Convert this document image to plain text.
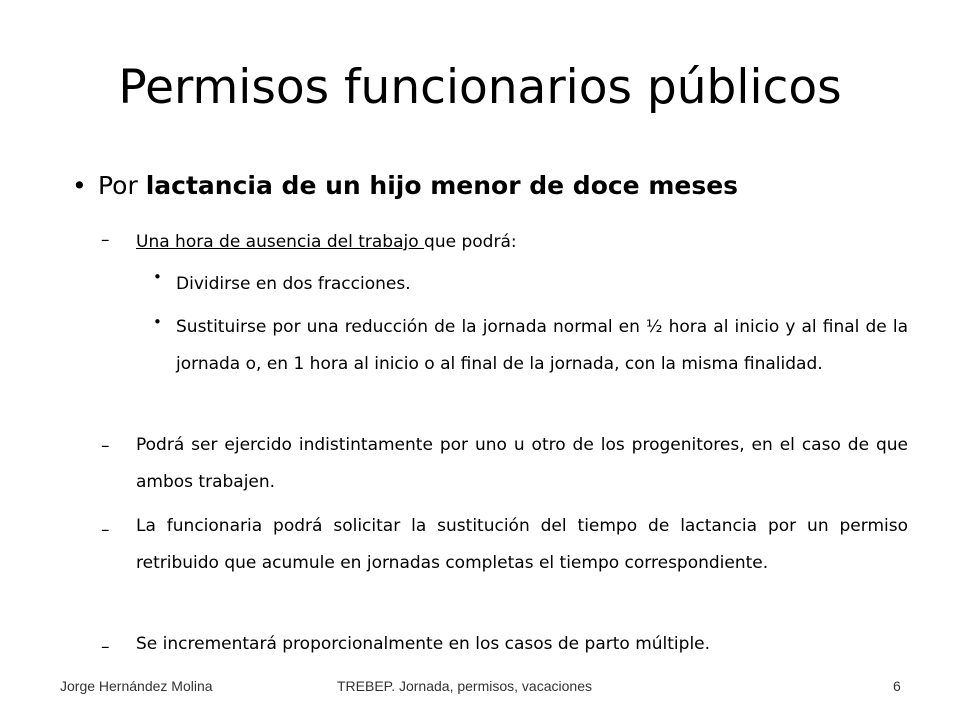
Permisos funcionarios públicos
• Por lactancia de un hijo menor de doce meses
– Una hora de ausencia del trabajo que podrá:
• Dividirse en dos fracciones.
• Sustituirse por una reducción de la jornada normal en ½ hora al inicio y al final de la jornada o, en 1 hora al inicio o al final de la jornada, con la misma finalidad.
– Podrá ser ejercido indistintamente por uno u otro de los progenitores, en el caso de que ambos trabajen.
– La funcionaria podrá solicitar la sustitución del tiempo de lactancia por un permiso retribuido que acumule en jornadas completas el tiempo correspondiente.
– Se incrementará proporcionalmente en los casos de parto múltiple.
Jorge Hernández Molina	TREBEP. Jornada, permisos, vacaciones	6
